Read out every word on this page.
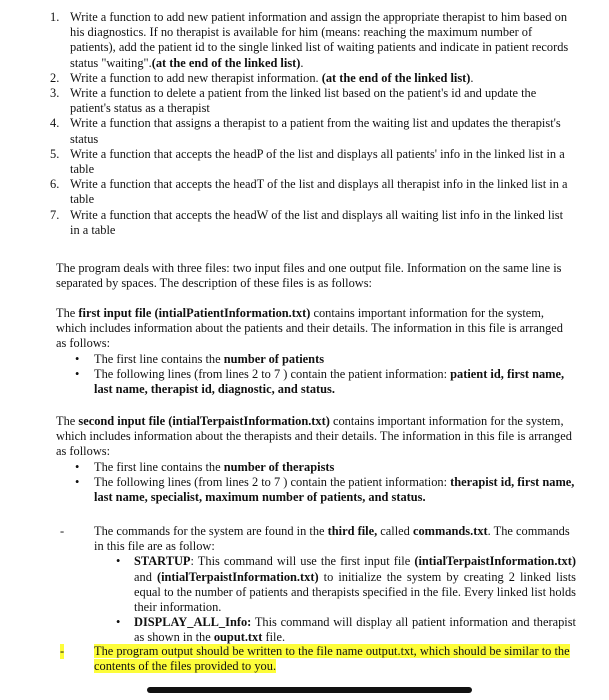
1. Write a function to add new patient information and assign the appropriate therapist to him based on his diagnostics. If no therapist is available for him (means: reaching the maximum number of patients), add the patient id to the single linked list of waiting patients and indicate in patient records status "waiting".(at the end of the linked list).
2. Write a function to add new therapist information. (at the end of the linked list).
3. Write a function to delete a patient from the linked list based on the patient's id and update the patient's status as a therapist
4. Write a function that assigns a therapist to a patient from the waiting list and updates the therapist's status
5. Write a function that accepts the headP of the list and displays all patients' info in the linked list in a table
6. Write a function that accepts the headT of the list and displays all therapist info in the linked list in a table
7. Write a function that accepts the headW of the list and displays all waiting list info in the linked list in a table

The program deals with three files: two input files and one output file. Information on the same line is separated by spaces. The description of these files is as follows:

The first input file (intialPatientInformation.txt) contains important information for the system, which includes information about the patients and their details. The information in this file is arranged as follows:
• The first line contains the number of patients
• The following lines (from lines 2 to 7 ) contain the patient information: patient id, first name, last name, therapist id, diagnostic, and status.
The second input file (intialTerpaistInformation.txt) contains important information for the system, which includes information about the therapists and their details. The information in this file is arranged as follows:
• The first line contains the number of therapists
• The following lines (from lines 2 to 7 ) contain the patient information: therapist id, first name, last name, specialist, maximum number of patients, and status.
- The commands for the system are found in the third file, called commands.txt. The commands in this file are as follow:
• STARTUP: This command will use the first input file (intialTerpaistInformation.txt) and (intialTerpaistInformation.txt) to initialize the system by creating 2 linked lists equal to the number of patients and therapists specified in the file. Every linked list holds their information.
• DISPLAY_ALL_Info: This command will display all patient information and therapist as shown in the ouput.txt file.
- The program output should be written to the file name output.txt, which should be similar to the contents of the files provided to you.
